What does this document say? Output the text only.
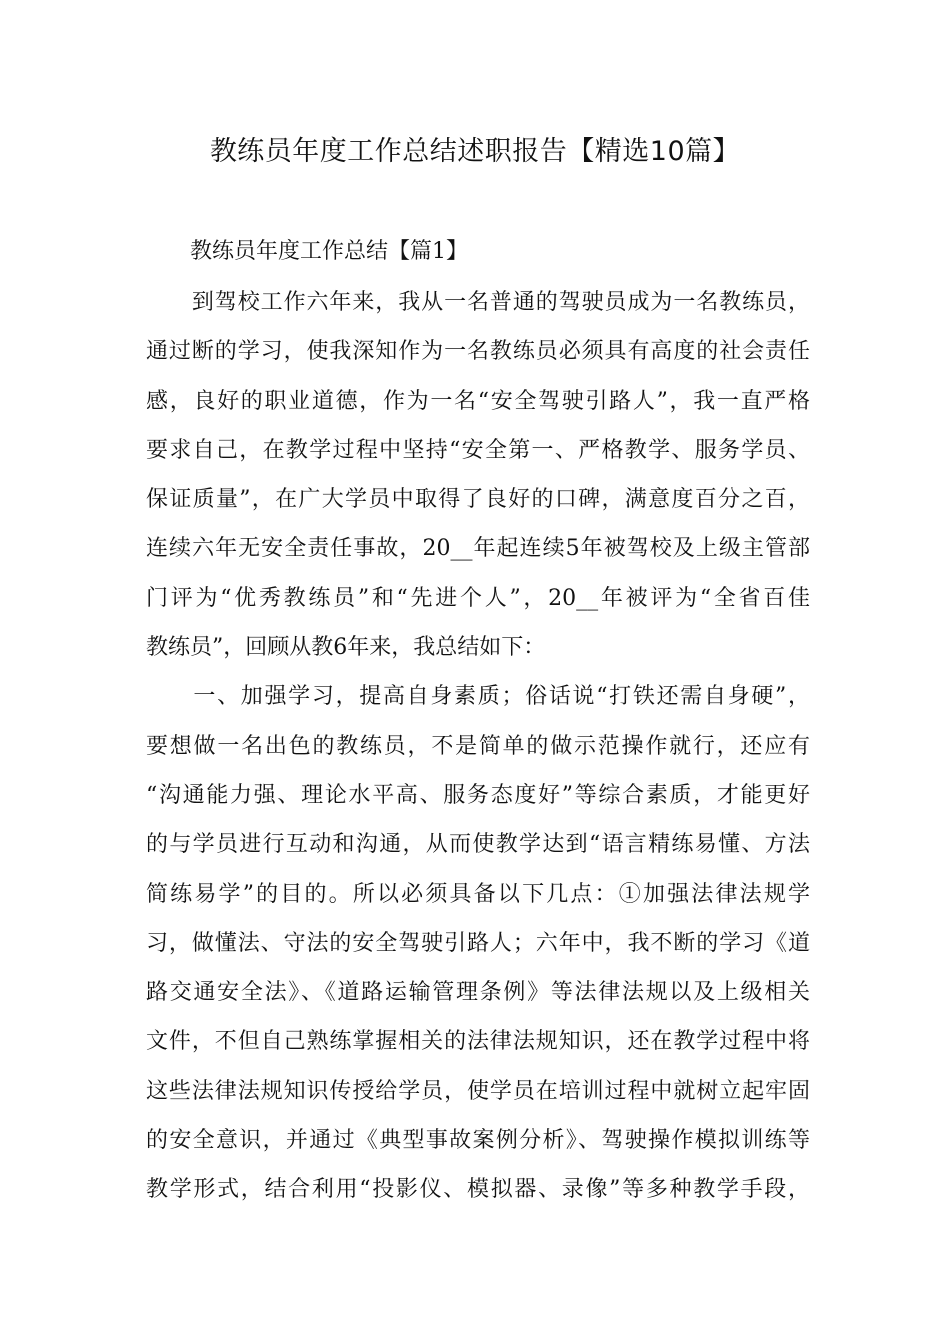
教练员年度工作总结述职报告【精选10篇】
教练员年度工作总结【篇1】
　　到驾校工作六年来，我从一名普通的驾驶员成为一名教练员，
通过断的学习，使我深知作为一名教练员必须具有高度的社会责任
感，良好的职业道德，作为一名“安全驾驶引路人”，我一直严格
要求自己，在教学过程中坚持“安全第一、严格教学、服务学员、
保证质量”，在广大学员中取得了良好的口碑，满意度百分之百，
连续六年无安全责任事故，20__年起连续5年被驾校及上级主管部
门评为“优秀教练员”和“先进个人”，20__年被评为“全省百佳
教练员”，回顾从教6年来，我总结如下：
　　一、加强学习，提高自身素质；俗话说“打铁还需自身硬”，
要想做一名出色的教练员，不是简单的做示范操作就行，还应有
“沟通能力强、理论水平高、服务态度好”等综合素质，才能更好
的与学员进行互动和沟通，从而使教学达到“语言精练易懂、方法
简练易学”的目的。所以必须具备以下几点：①加强法律法规学
习，做懂法、守法的安全驾驶引路人；六年中，我不断的学习《道
路交通安全法》、《道路运输管理条例》等法律法规以及上级相关
文件，不但自己熟练掌握相关的法律法规知识，还在教学过程中将
这些法律法规知识传授给学员，使学员在培训过程中就树立起牢固
的安全意识，并通过《典型事故案例分析》、驾驶操作模拟训练等
教学形式，结合利用“投影仪、模拟器、录像”等多种教学手段，
